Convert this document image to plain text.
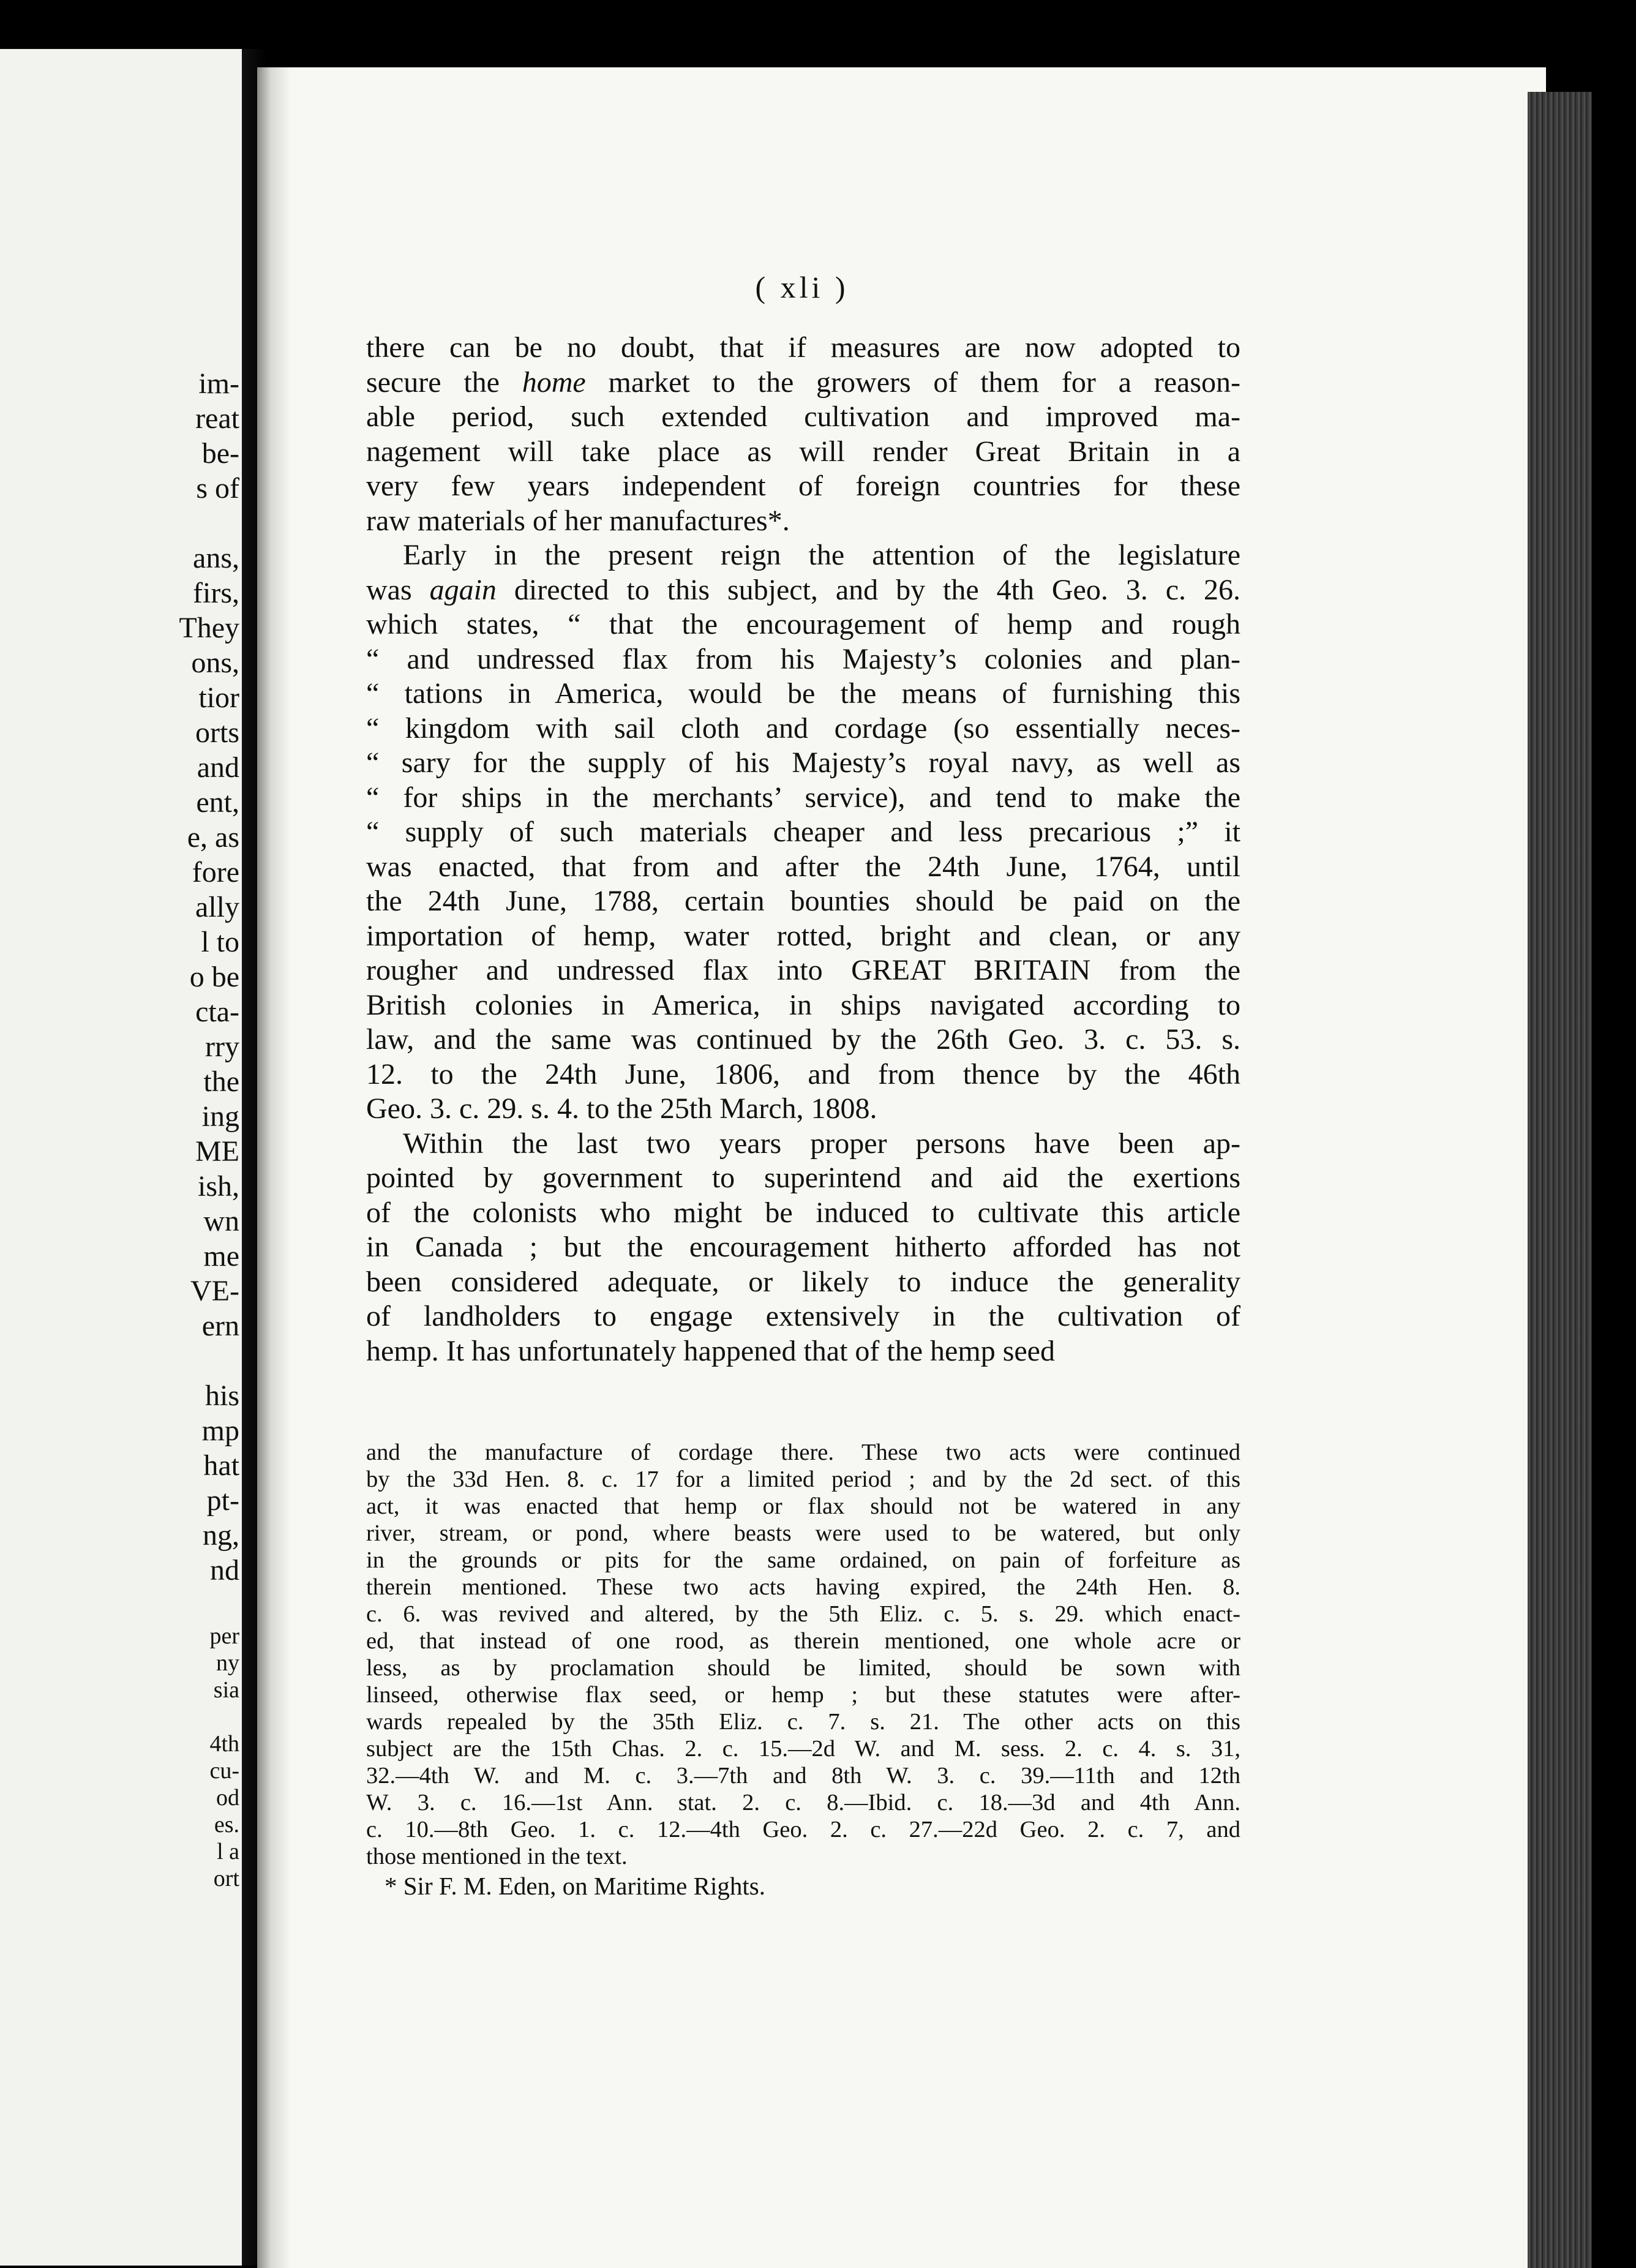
im-
reat
be-
s of
ans,
firs,
They
ons,
tior
orts
and
ent,
e, as
fore
ally
l to
o be
cta-
rry
the
ing
ME
ish,
wn
me
VE-
ern
his
mp
hat
pt-
ng,
nd
per
ny
sia
4th
cu-
od
es.
l a
ort
( xli )
there can be no doubt, that if measures are now adopted to
secure the home market to the growers of them for a reason-
able period, such extended cultivation and improved ma-
nagement will take place as will render Great Britain in a
very few years independent of foreign countries for these
raw materials of her manufactures*.
Early in the present reign the attention of the legislature
was again directed to this subject, and by the 4th Geo. 3. c. 26.
which states, “ that the encouragement of hemp and rough
“ and undressed flax from his Majesty’s colonies and plan-
“ tations in America, would be the means of furnishing this
“ kingdom with sail cloth and cordage (so essentially neces-
“ sary for the supply of his Majesty’s royal navy, as well as
“ for ships in the merchants’ service), and tend to make the
“ supply of such materials cheaper and less precarious ;” it
was enacted, that from and after the 24th June, 1764, until
the 24th June, 1788, certain bounties should be paid on the
importation of hemp, water rotted, bright and clean, or any
rougher and undressed flax into GREAT BRITAIN from the
British colonies in America, in ships navigated according to
law, and the same was continued by the 26th Geo. 3. c. 53. s.
12. to the 24th June, 1806, and from thence by the 46th
Geo. 3. c. 29. s. 4. to the 25th March, 1808.
Within the last two years proper persons have been ap-
pointed by government to superintend and aid the exertions
of the colonists who might be induced to cultivate this article
in Canada ; but the encouragement hitherto afforded has not
been considered adequate, or likely to induce the generality
of landholders to engage extensively in the cultivation of
hemp. It has unfortunately happened that of the hemp seed
and the manufacture of cordage there. These two acts were continued
by the 33d Hen. 8. c. 17 for a limited period ; and by the 2d sect. of this
act, it was enacted that hemp or flax should not be watered in any
river, stream, or pond, where beasts were used to be watered, but only
in the grounds or pits for the same ordained, on pain of forfeiture as
therein mentioned. These two acts having expired, the 24th Hen. 8.
c. 6. was revived and altered, by the 5th Eliz. c. 5. s. 29. which enact-
ed, that instead of one rood, as therein mentioned, one whole acre or
less, as by proclamation should be limited, should be sown with
linseed, otherwise flax seed, or hemp ; but these statutes were after-
wards repealed by the 35th Eliz. c. 7. s. 21. The other acts on this
subject are the 15th Chas. 2. c. 15.—2d W. and M. sess. 2. c. 4. s. 31,
32.—4th W. and M. c. 3.—7th and 8th W. 3. c. 39.—11th and 12th
W. 3. c. 16.—1st Ann. stat. 2. c. 8.—Ibid. c. 18.—3d and 4th Ann.
c. 10.—8th Geo. 1. c. 12.—4th Geo. 2. c. 27.—22d Geo. 2. c. 7, and
those mentioned in the text.
* Sir F. M. Eden, on Maritime Rights.
